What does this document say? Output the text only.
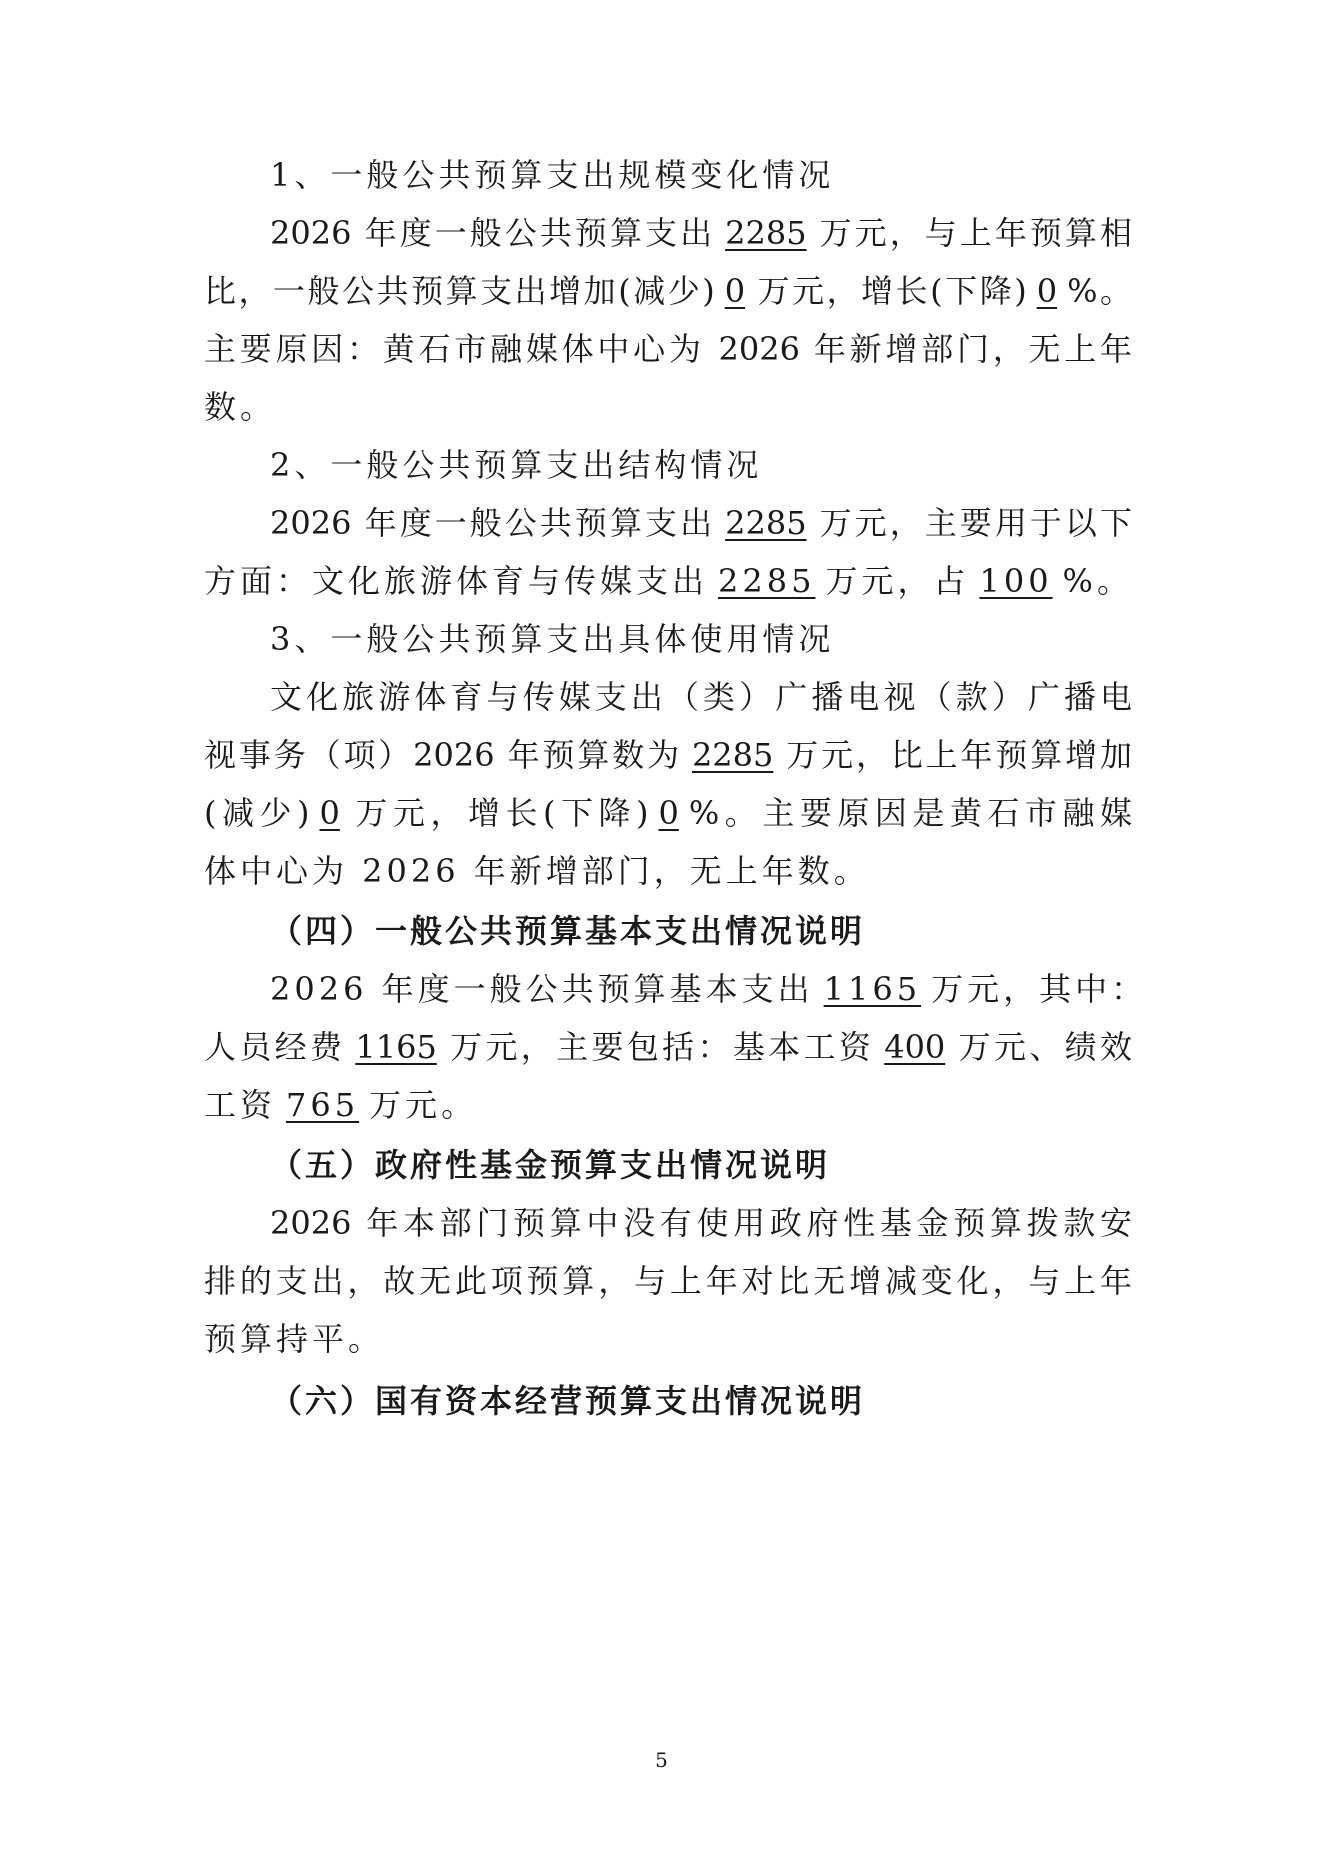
1、一般公共预算支出规模变化情况
2026 年度一般公共预算支出 2285 万元，与上年预算相
比，一般公共预算支出增加(减少) 0 万元，增长(下降) 0 %。
主要原因：黄石市融媒体中心为 2026 年新增部门，无上年
数。
2、一般公共预算支出结构情况
2026 年度一般公共预算支出 2285 万元，主要用于以下
方面：文化旅游体育与传媒支出 2285 万元，占 100 %。
3、一般公共预算支出具体使用情况
文化旅游体育与传媒支出（类）广播电视（款）广播电
视事务（项）2026 年预算数为 2285 万元，比上年预算增加
(减少) 0 万元，增长(下降) 0 %。主要原因是黄石市融媒
体中心为 2026 年新增部门，无上年数。
（四）一般公共预算基本支出情况说明
2026 年度一般公共预算基本支出 1165 万元，其中：
人员经费 1165 万元，主要包括：基本工资 400 万元、绩效
工资 765 万元。
（五）政府性基金预算支出情况说明
2026 年本部门预算中没有使用政府性基金预算拨款安
排的支出，故无此项预算，与上年对比无增减变化，与上年
预算持平。
（六）国有资本经营预算支出情况说明
5
